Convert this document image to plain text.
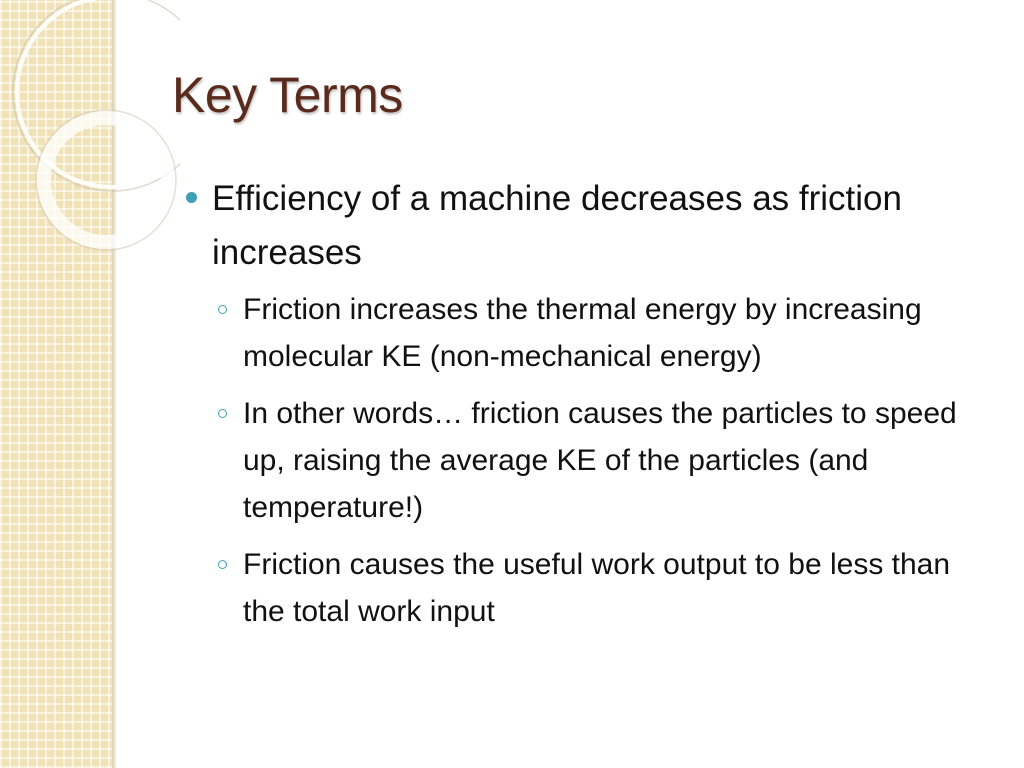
Key Terms
Efficiency of a machine decreases as friction increases
Friction increases the thermal energy by increasing molecular KE (non-mechanical energy)
In other words… friction causes the particles to speed up, raising the average KE of the particles (and temperature!)
Friction causes the useful work output to be less than the total work input
